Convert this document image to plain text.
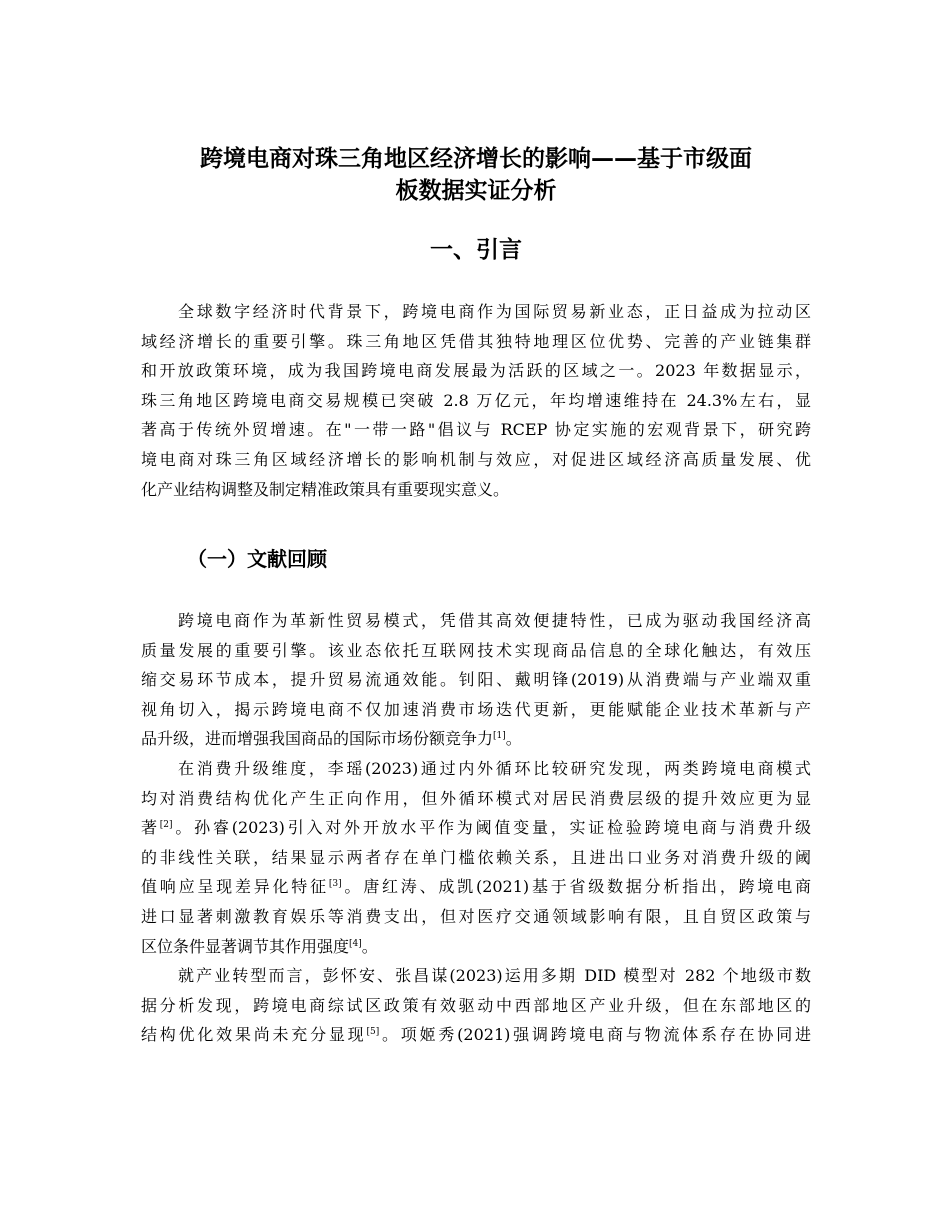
跨境电商对珠三角地区经济增长的影响——基于市级面
板数据实证分析
一、引言
全球数字经济时代背景下，跨境电商作为国际贸易新业态，正日益成为拉动区
域经济增长的重要引擎。珠三角地区凭借其独特地理区位优势、完善的产业链集群
和开放政策环境，成为我国跨境电商发展最为活跃的区域之一。2023 年数据显示，
珠三角地区跨境电商交易规模已突破 2.8 万亿元，年均增速维持在 24.3%左右，显
著高于传统外贸增速。在"一带一路"倡议与 RCEP 协定实施的宏观背景下，研究跨
境电商对珠三角区域经济增长的影响机制与效应，对促进区域经济高质量发展、优
化产业结构调整及制定精准政策具有重要现实意义。
（一）文献回顾
跨境电商作为革新性贸易模式，凭借其高效便捷特性，已成为驱动我国经济高
质量发展的重要引擎。该业态依托互联网技术实现商品信息的全球化触达，有效压
缩交易环节成本，提升贸易流通效能。钊阳、戴明锋(2019)从消费端与产业端双重
视角切入，揭示跨境电商不仅加速消费市场迭代更新，更能赋能企业技术革新与产
品升级，进而增强我国商品的国际市场份额竞争力[1]。
在消费升级维度，李瑶(2023)通过内外循环比较研究发现，两类跨境电商模式
均对消费结构优化产生正向作用，但外循环模式对居民消费层级的提升效应更为显
著[2]。孙睿(2023)引入对外开放水平作为阈值变量，实证检验跨境电商与消费升级
的非线性关联，结果显示两者存在单门槛依赖关系，且进出口业务对消费升级的阈
值响应呈现差异化特征[3]。唐红涛、成凯(2021)基于省级数据分析指出，跨境电商
进口显著刺激教育娱乐等消费支出，但对医疗交通领域影响有限，且自贸区政策与
区位条件显著调节其作用强度[4]。
就产业转型而言，彭怀安、张昌谋(2023)运用多期 DID 模型对 282 个地级市数
据分析发现，跨境电商综试区政策有效驱动中西部地区产业升级，但在东部地区的
结构优化效果尚未充分显现[5]。项姬秀(2021)强调跨境电商与物流体系存在协同进
